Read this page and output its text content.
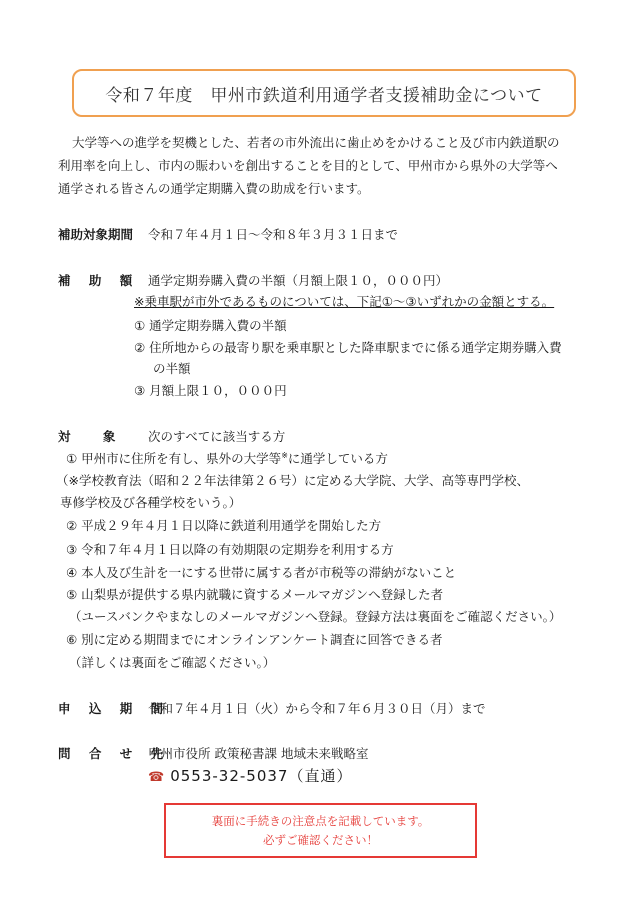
令和７年度　甲州市鉄道利用通学者支援補助金について
大学等への進学を契機とした、若者の市外流出に歯止めをかけること及び市内鉄道駅の
利用率を向上し、市内の賑わいを創出することを目的として、甲州市から県外の大学等へ
通学される皆さんの通学定期購入費の助成を行います。
補助対象期間 令和７年４月１日～令和８年３月３１日まで
補 助 額 通学定期券購入費の半額（月額上限１０，０００円）
※乗車駅が市外であるものについては、下記①～③いずれかの金額とする。
① 通学定期券購入費の半額
② 住所地からの最寄り駅を乗車駅とした降車駅までに係る通学定期券購入費
の半額
③ 月額上限１０，０００円
対 象 次のすべてに該当する方
① 甲州市に住所を有し、県外の大学等※に通学している方
（※学校教育法（昭和２２年法律第２６号）に定める大学院、大学、高等専門学校、
専修学校及び各種学校をいう。）
② 平成２９年４月１日以降に鉄道利用通学を開始した方
③ 令和７年４月１日以降の有効期限の定期券を利用する方
④ 本人及び生計を一にする世帯に属する者が市税等の滞納がないこと
⑤ 山梨県が提供する県内就職に資するメールマガジンへ登録した者
（ユースバンクやまなしのメールマガジンへ登録。登録方法は裏面をご確認ください。）
⑥ 別に定める期間までにオンラインアンケート調査に回答できる者
（詳しくは裏面をご確認ください。）
申 込 期 間
令和７年４月１日（火）から令和７年６月３０日（月）まで
問 合 せ 先
甲州市役所 政策秘書課 地域未来戦略室
☎ 0553-32-5037（直通）
裏面に手続きの注意点を記載しています。
必ずご確認ください！
